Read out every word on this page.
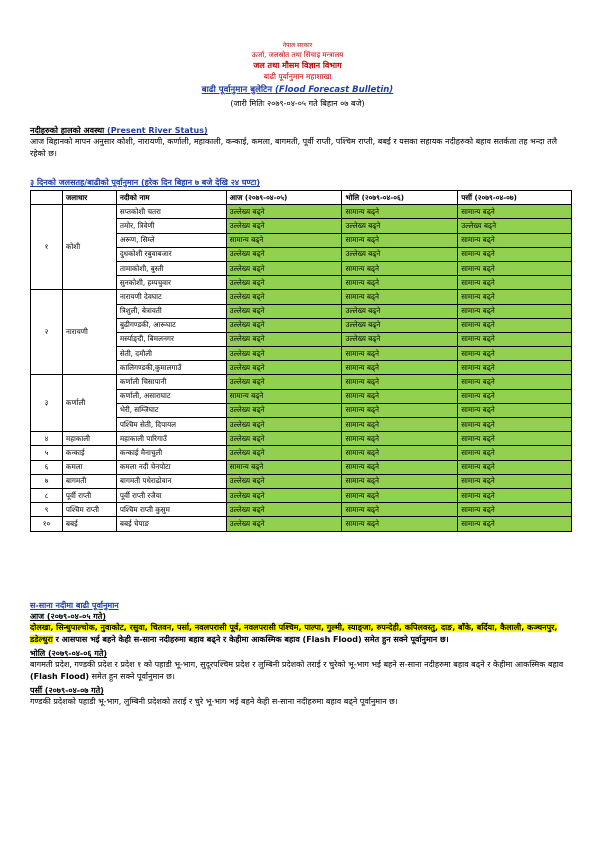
नेपाल सरकार
ऊर्जा, जलस्रोत तथा सिंचाइ मन्त्रालय
जल तथा मौसम विज्ञान विभाग
बाढी पूर्वानुमान महाशाखा
बाढी पूर्वानुमान बुलेटिन (Flood Forecast Bulletin)
(जारी मितिः २०७९-०४-०५ गते बिहान ०७ बजे)
नदीहरुको हालको अवस्था (Present River Status)
आज बिहानको मापन अनुसार कोशी, नारायणी, कर्णाली, महाकाली, कन्काई, कमला, बागमती, पूर्वी राप्ती, पश्चिम राप्ती, बबई र यसका सहायक नदीहरुको बहाव सतर्कता तह भन्दा तलै रहेको छ।
३ दिनको जलसतह/बाढीको पूर्वानुमान (हरेक दिन बिहान ७ बजे देखि २४ घण्टा)
	जलाधार	नदीको नाम	आज (२०७९-०४-०५)	भोलि (२०७९-०४-०६)	पर्सी (२०७९-०४-०७)
१	कोशी	सप्तकोशी चतरा	उल्लेख्य बढ्ने	सामान्य बढ्ने	सामान्य बढ्ने
		तमोर, त्रिवेणी	उल्लेख्य बढ्ने	उल्लेख्य बढ्ने	उल्लेख्य बढ्ने
		अरूण, सिम्ले	सामान्य बढ्ने	सामान्य बढ्ने	सामान्य बढ्ने
		दुधकोशी रबुवाबजार	उल्लेख्य बढ्ने	उल्लेख्य बढ्ने	सामान्य बढ्ने
		तामाकोशी, बुस्ती	उल्लेख्य बढ्ने	सामान्य बढ्ने	सामान्य बढ्ने
		सुनकोशी, हम्पचुवार	उल्लेख्य बढ्ने	सामान्य बढ्ने	सामान्य बढ्ने
२	नारायणी	नारायणी देवघाट	उल्लेख्य बढ्ने	सामान्य बढ्ने	सामान्य बढ्ने
		त्रिशुली, बेत्रावती	उल्लेख्य बढ्ने	उल्लेख्य बढ्ने	सामान्य बढ्ने
		बुढीगण्डकी, आरूघाट	उल्लेख्य बढ्ने	उल्लेख्य बढ्ने	सामान्य बढ्ने
		मर्स्याङ्दी, बिमलनगर	उल्लेख्य बढ्ने	उल्लेख्य बढ्ने	सामान्य बढ्ने
		सेती, दमौली	उल्लेख्य बढ्ने	सामान्य बढ्ने	सामान्य बढ्ने
		कालिगण्डकी,कुमालगाउँ	उल्लेख्य बढ्ने	सामान्य बढ्ने	सामान्य बढ्ने
३	कर्णाली	कर्णाली चिसापानी	उल्लेख्य बढ्ने	सामान्य बढ्ने	सामान्य बढ्ने
		कर्णाली, असाराघाट	सामान्य बढ्ने	सामान्य बढ्ने	सामान्य बढ्ने
		भेरी, सम्जिघाट	उल्लेख्य बढ्ने	सामान्य बढ्ने	सामान्य बढ्ने
		पश्चिम सेती, दिपायल	उल्लेख्य बढ्ने	सामान्य बढ्ने	सामान्य बढ्ने
४	महाकाली	महाकाली पारिगाउँ	उल्लेख्य बढ्ने	सामान्य बढ्ने	सामान्य बढ्ने
५	कन्काई	कन्काई मैनाचुली	उल्लेख्य बढ्ने	सामान्य बढ्ने	सामान्य बढ्ने
६	कमला	कमला नदी चेनपोटा	सामान्य बढ्ने	सामान्य बढ्ने	सामान्य बढ्ने
७	बागमती	बागमती पधेराढोवान	उल्लेख्य बढ्ने	सामान्य बढ्ने	सामान्य बढ्ने
८	पूर्वी राप्ती	पूर्वी राप्ती रजैया	उल्लेख्य बढ्ने	सामान्य बढ्ने	सामान्य बढ्ने
९	पश्चिम राप्ती	पश्चिम राप्ती कुसुम	उल्लेख्य बढ्ने	सामान्य बढ्ने	सामान्य बढ्ने
१०	बबई	बबई चेपाङ	उल्लेख्य बढ्ने	सामान्य बढ्ने	सामान्य बढ्ने
स-साना नदीमा बाढी पूर्वानुमान
आज (२०७९-०४-०५ गते)
दोलखा, सिन्धुपाल्चोक, नुवाकोट, रसुवा, चितवन, पर्सा, नवलपरासी पूर्व, नवलपरासी पश्चिम, पाल्पा, गुल्मी, स्याङ्जा, रुपन्देही, कपिलवस्तु, दाङ, बाँके, बर्दिया, कैलाली, कञ्चनपुर, डडेल्धुरा र आसपास भई बहने केही स-साना नदीहरुमा बहाव बढ्ने र केहीमा आकस्मिक बहाव (Flash Flood) समेत हुन सक्ने पूर्वानुमान छ।
भोलि (२०७९-०४-०६ गते)
बागमती प्रदेश, गण्डकी प्रदेश र प्रदेश १ को पहाडी भू-भाग, सुदूरपश्चिम प्रदेश र लुम्बिनी प्रदेशको तराई र चुरेको भू-भाग भई बहने स-साना नदीहरुमा बहाव बढ्ने र केहीमा आकस्मिक बहाव (Flash Flood) समेत हुन सक्ने पूर्वानुमान छ।
पर्सी (२०७९-०४-०७ गते)
गण्डकी प्रदेशको पहाडी भू-भाग, लुम्बिनी प्रदेशको तराई र चुरे भू-भाग भई बहने केही स-साना नदीहरुमा बहाव बढ्ने पूर्वानुमान छ।
